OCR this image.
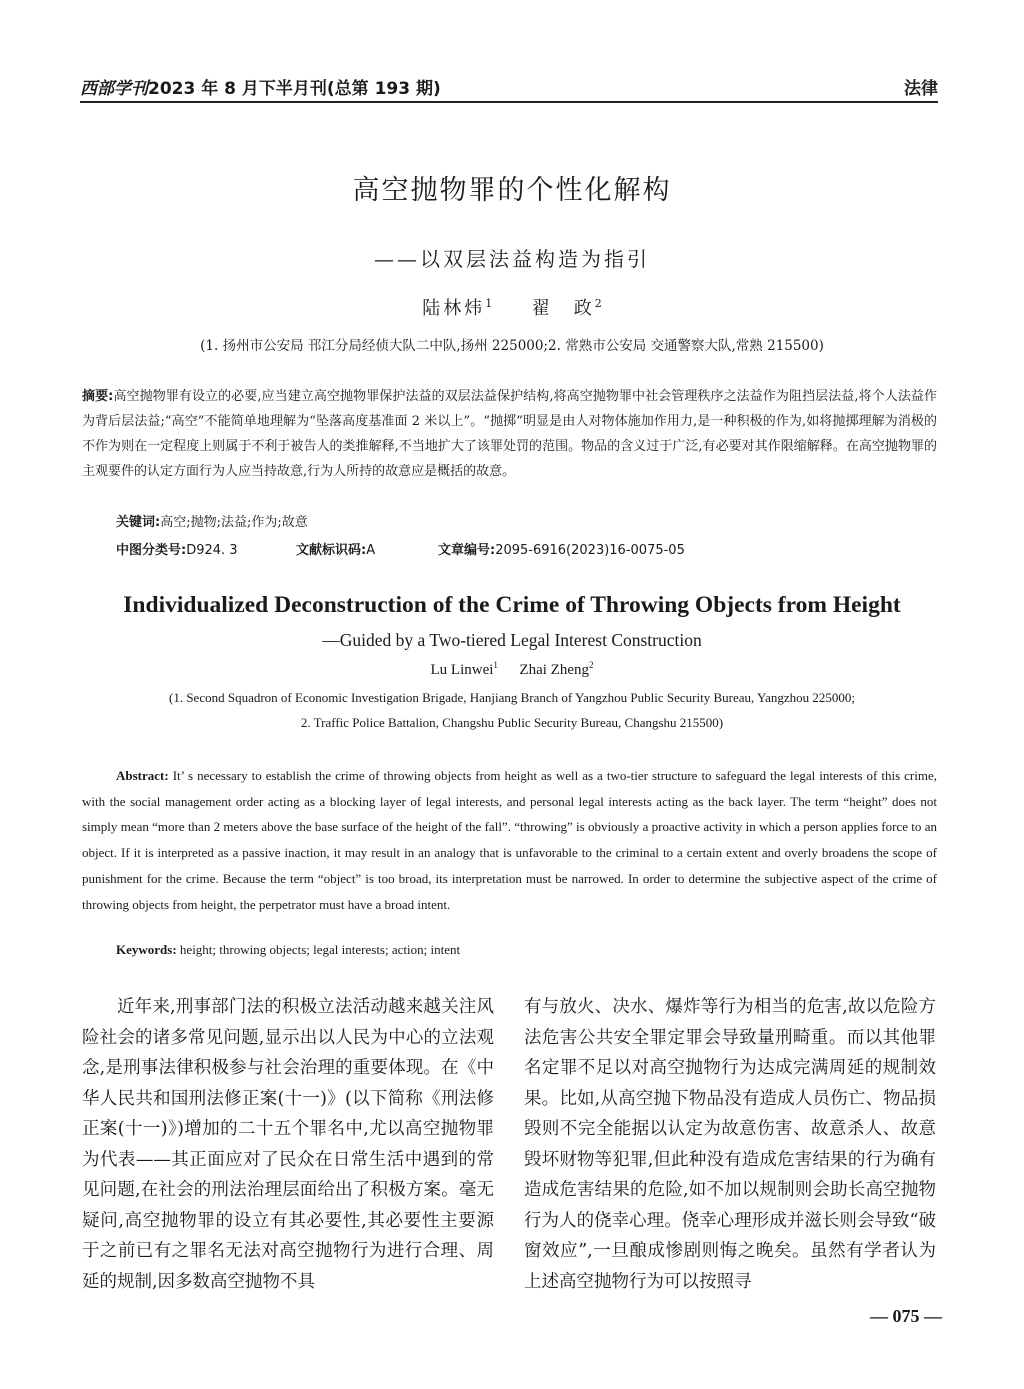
西部学刊2023 年 8 月下半月刊(总第 193 期)	法律
高空抛物罪的个性化解构
——以双层法益构造为指引
陆林炜$^1$ 翟　政$^2$
(1. 扬州市公安局 邗江分局经侦大队二中队,扬州 225000;2. 常熟市公安局 交通警察大队,常熟 215500)
摘要:高空抛物罪有设立的必要,应当建立高空抛物罪保护法益的双层法益保护结构,将高空抛物罪中社会管理秩序之法益作为阻挡层法益,将个人法益作为背后层法益;“高空”不能简单地理解为“坠落高度基准面 2 米以上”。“抛掷”明显是由人对物体施加作用力,是一种积极的作为,如将抛掷理解为消极的不作为则在一定程度上则属于不利于被告人的类推解释,不当地扩大了该罪处罚的范围。物品的含义过于广泛,有必要对其作限缩解释。在高空抛物罪的主观要件的认定方面行为人应当持故意,行为人所持的故意应是概括的故意。
关键词:高空;抛物;法益;作为;故意
中图分类号:D924. 3	文献标识码:A	文章编号:2095-6916(2023)16-0075-05
Individualized Deconstruction of the Crime of Throwing Objects from Height
—Guided by a Two-tiered Legal Interest Construction
Lu Linwei$^1$ Zhai Zheng$^2$
(1. Second Squadron of Economic Investigation Brigade, Hanjiang Branch of Yangzhou Public Security Bureau, Yangzhou 225000;
2. Traffic Police Battalion, Changshu Public Security Bureau, Changshu 215500)
Abstract: It’ s necessary to establish the crime of throwing objects from height as well as a two-tier structure to safeguard the legal interests of this crime, with the social management order acting as a blocking layer of legal interests, and personal legal interests acting as the back layer. The term “height” does not simply mean “more than 2 meters above the base surface of the height of the fall”. “throwing” is obviously a proactive activity in which a person applies force to an object. If it is interpreted as a passive inaction, it may result in an analogy that is unfavorable to the criminal to a certain extent and overly broadens the scope of punishment for the crime. Because the term “object” is too broad, its interpretation must be narrowed. In order to determine the subjective aspect of the crime of throwing objects from height, the perpetrator must have a broad intent.
Keywords: height; throwing objects; legal interests; action; intent
近年来,刑事部门法的积极立法活动越来越关注风险社会的诸多常见问题,显示出以人民为中心的立法观念,是刑事法律积极参与社会治理的重要体现。在《中华人民共和国刑法修正案(十一)》(以下简称《刑法修正案(十一)》)增加的二十五个罪名中,尤以高空抛物罪为代表——其正面应对了民众在日常生活中遇到的常见问题,在社会的刑法治理层面给出了积极方案。毫无疑问,高空抛物罪的设立有其必要性,其必要性主要源于之前已有之罪名无法对高空抛物行为进行合理、周延的规制,因多数高空抛物不具
有与放火、决水、爆炸等行为相当的危害,故以危险方法危害公共安全罪定罪会导致量刑畸重。而以其他罪名定罪不足以对高空抛物行为达成完满周延的规制效果。比如,从高空抛下物品没有造成人员伤亡、物品损毁则不完全能据以认定为故意伤害、故意杀人、故意毁坏财物等犯罪,但此种没有造成危害结果的行为确有造成危害结果的危险,如不加以规制则会助长高空抛物行为人的侥幸心理。侥幸心理形成并滋长则会导致“破窗效应”,一旦酿成惨剧则悔之晚矣。虽然有学者认为上述高空抛物行为可以按照寻
— 075 —
